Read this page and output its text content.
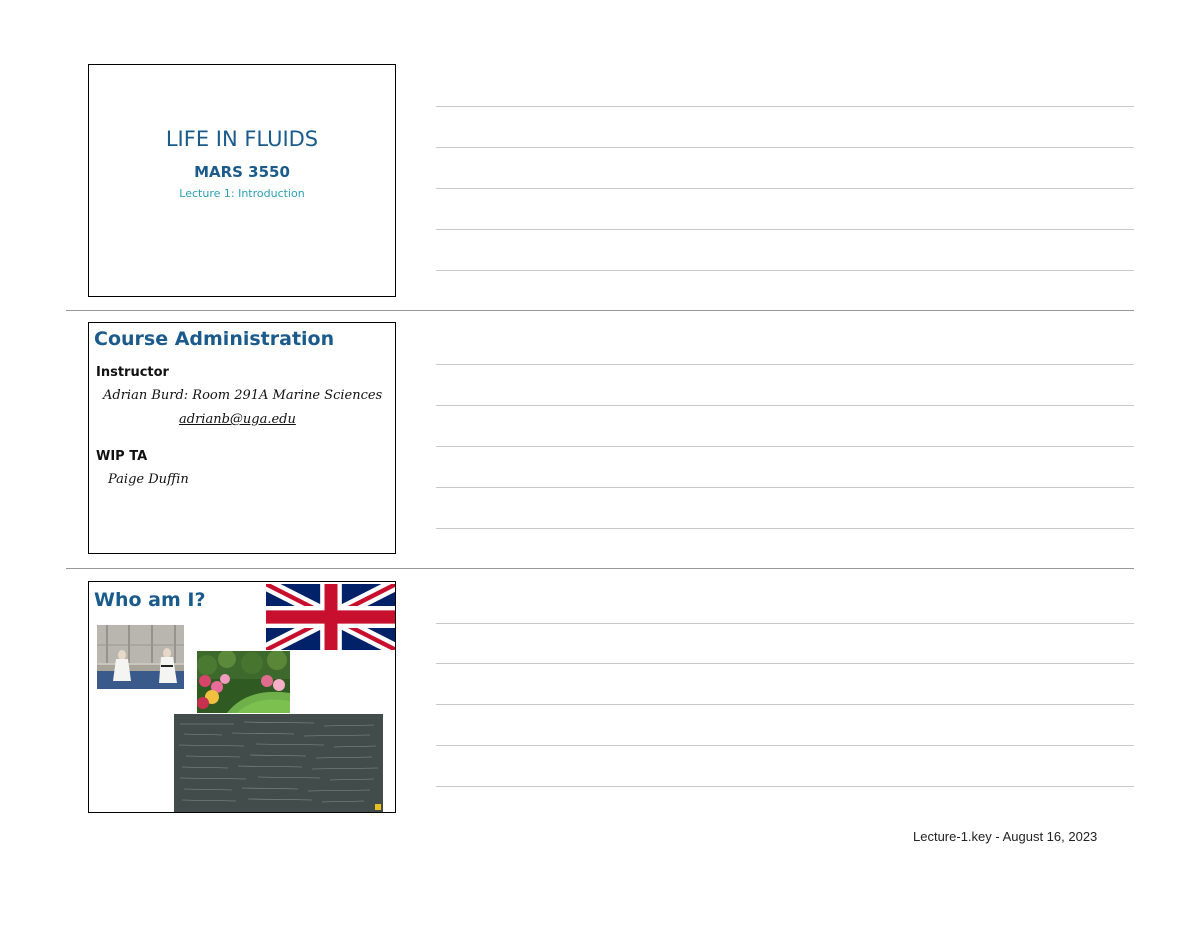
LIFE IN FLUIDS
MARS 3550
Lecture 1: Introduction
Course Administration
Instructor
Adrian Burd: Room 291A Marine Sciences
adrianb@uga.edu
WIP TA
Paige Duffin
Who am I?
Lecture-1.key - August 16, 2023
